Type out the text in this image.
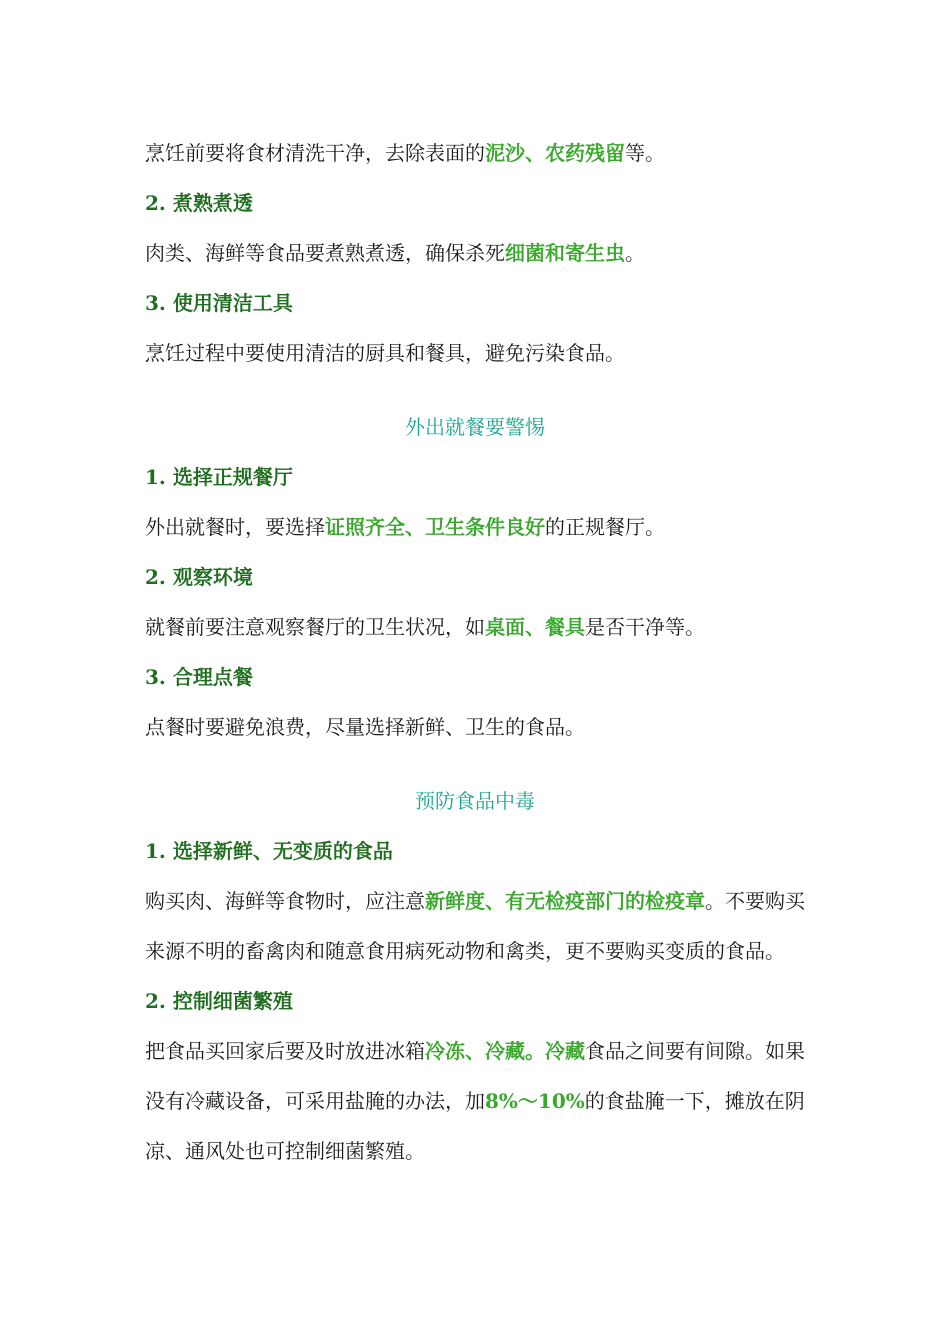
烹饪前要将食材清洗干净，去除表面的泥沙、农药残留等。
2. 煮熟煮透
肉类、海鲜等食品要煮熟煮透，确保杀死细菌和寄生虫。
3. 使用清洁工具
烹饪过程中要使用清洁的厨具和餐具，避免污染食品。
外出就餐要警惕
1. 选择正规餐厅
外出就餐时，要选择证照齐全、卫生条件良好的正规餐厅。
2. 观察环境
就餐前要注意观察餐厅的卫生状况，如桌面、餐具是否干净等。
3. 合理点餐
点餐时要避免浪费，尽量选择新鲜、卫生的食品。
预防食品中毒
1. 选择新鲜、无变质的食品
购买肉、海鲜等食物时，应注意新鲜度、有无检疫部门的检疫章。不要购买来源不明的畜禽肉和随意食用病死动物和禽类，更不要购买变质的食品。
2. 控制细菌繁殖
把食品买回家后要及时放进冰箱冷冻、冷藏。冷藏食品之间要有间隙。如果没有冷藏设备，可采用盐腌的办法，加8%～10%的食盐腌一下，摊放在阴凉、通风处也可控制细菌繁殖。
